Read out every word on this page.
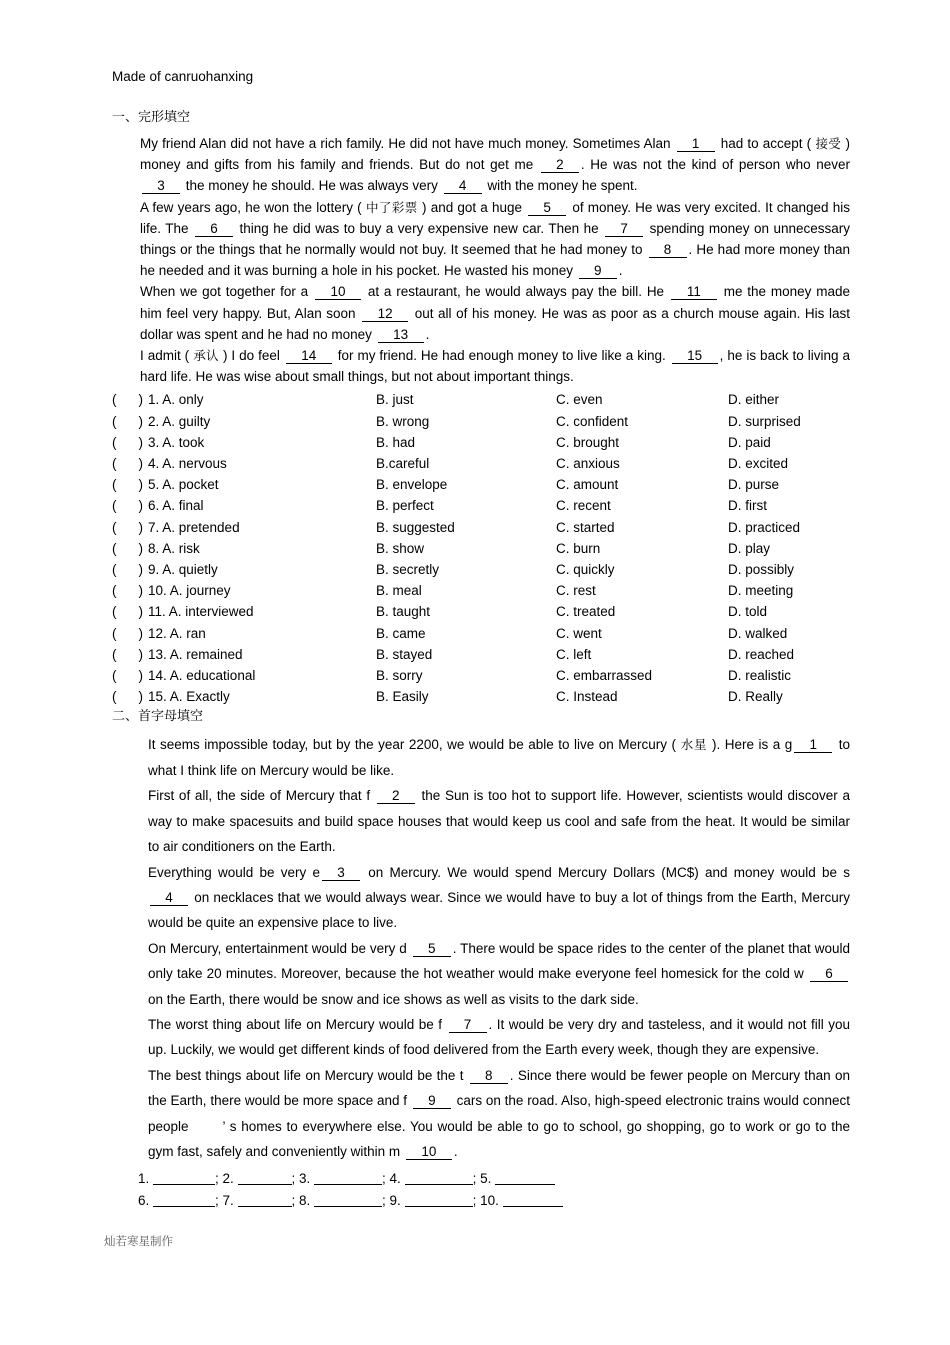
Made of canruohanxing

一、完形填空

My friend Alan did not have a rich family. He did not have much money. Sometimes Alan 1 had to accept ( 接受 ) money and gifts from his family and friends. But do not get me 2 . He was not the kind of person who never 3 the money he should. He was always very 4 with the money he spent.

A few years ago, he won the lottery ( 中了彩票 ) and got a huge 5 of money. He was very excited. It changed his life. The 6 thing he did was to buy a very expensive new car. Then he 7 spending money on unnecessary things or the things that he normally would not buy. It seemed that he had money to 8 . He had more money than he needed and it was burning a hole in his pocket. He wasted his money 9 .

When we got together for a 10 at a restaurant, he would always pay the bill. He 11 me the money made him feel very happy. But, Alan soon 12 out all of his money. He was as poor as a church mouse again. His last dollar was spent and he had no money 13 .

I admit ( 承认 ) I do feel 14 for my friend. He had enough money to live like a king. 15 , he is back to living a hard life. He was wise about small things, but not about important things.

( )	1. A. only	B. just	C. even	D. either
( )	2. A. guilty	B. wrong	C. confident	D. surprised
( )	3. A. took	B. had	C. brought	D. paid
( )	4. A. nervous	B.careful	C. anxious	D. excited
( )	5. A. pocket	B. envelope	C. amount	D. purse
( )	6. A. final	B. perfect	C. recent	D. first
( )	7. A. pretended	B. suggested	C. started	D. practiced
( )	8. A. risk	B. show	C. burn	D. play
( )	9. A. quietly	B. secretly	C. quickly	D. possibly
( )	10. A. journey	B. meal	C. rest	D. meeting
( )	11. A. interviewed	B. taught	C. treated	D. told
( )	12. A. ran	B. came	C. went	D. walked
( )	13. A. remained	B. stayed	C. left	D. reached
( )	14. A. educational	B. sorry	C. embarrassed	D. realistic
( )	15. A. Exactly	B. Easily	C. Instead	D. Really

二、首字母填空

It seems impossible today, but by the year 2200, we would be able to live on Mercury ( 水星 ). Here is a g 1 to what I think life on Mercury would be like.

First of all, the side of Mercury that f 2 the Sun is too hot to support life. However, scientists would discover a way to make spacesuits and build space houses that would keep us cool and safe from the heat. It would be similar to air conditioners on the Earth.

Everything would be very e 3 on Mercury. We would spend Mercury Dollars (MC$) and money would be s 4 on necklaces that we would always wear. Since we would have to buy a lot of things from the Earth, Mercury would be quite an expensive place to live.

On Mercury, entertainment would be very d 5 . There would be space rides to the center of the planet that would only take 20 minutes. Moreover, because the hot weather would make everyone feel homesick for the cold w 6 on the Earth, there would be snow and ice shows as well as visits to the dark side.

The worst thing about life on Mercury would be f 7 . It would be very dry and tasteless, and it would not fill you up. Luckily, we would get different kinds of food delivered from the Earth every week, though they are expensive.

The best things about life on Mercury would be the t 8 . Since there would be fewer people on Mercury than on the Earth, there would be more space and f 9 cars on the road. Also, high-speed electronic trains would connect people	’ s homes to everywhere else. You would be able to go to school, go shopping, go to work or go to the gym fast, safely and conveniently within m 10 .

1.	; 2.	; 3.	; 4.	; 5.
6.	; 7.	; 8.	; 9.	; 10.
灿若寒星制作
